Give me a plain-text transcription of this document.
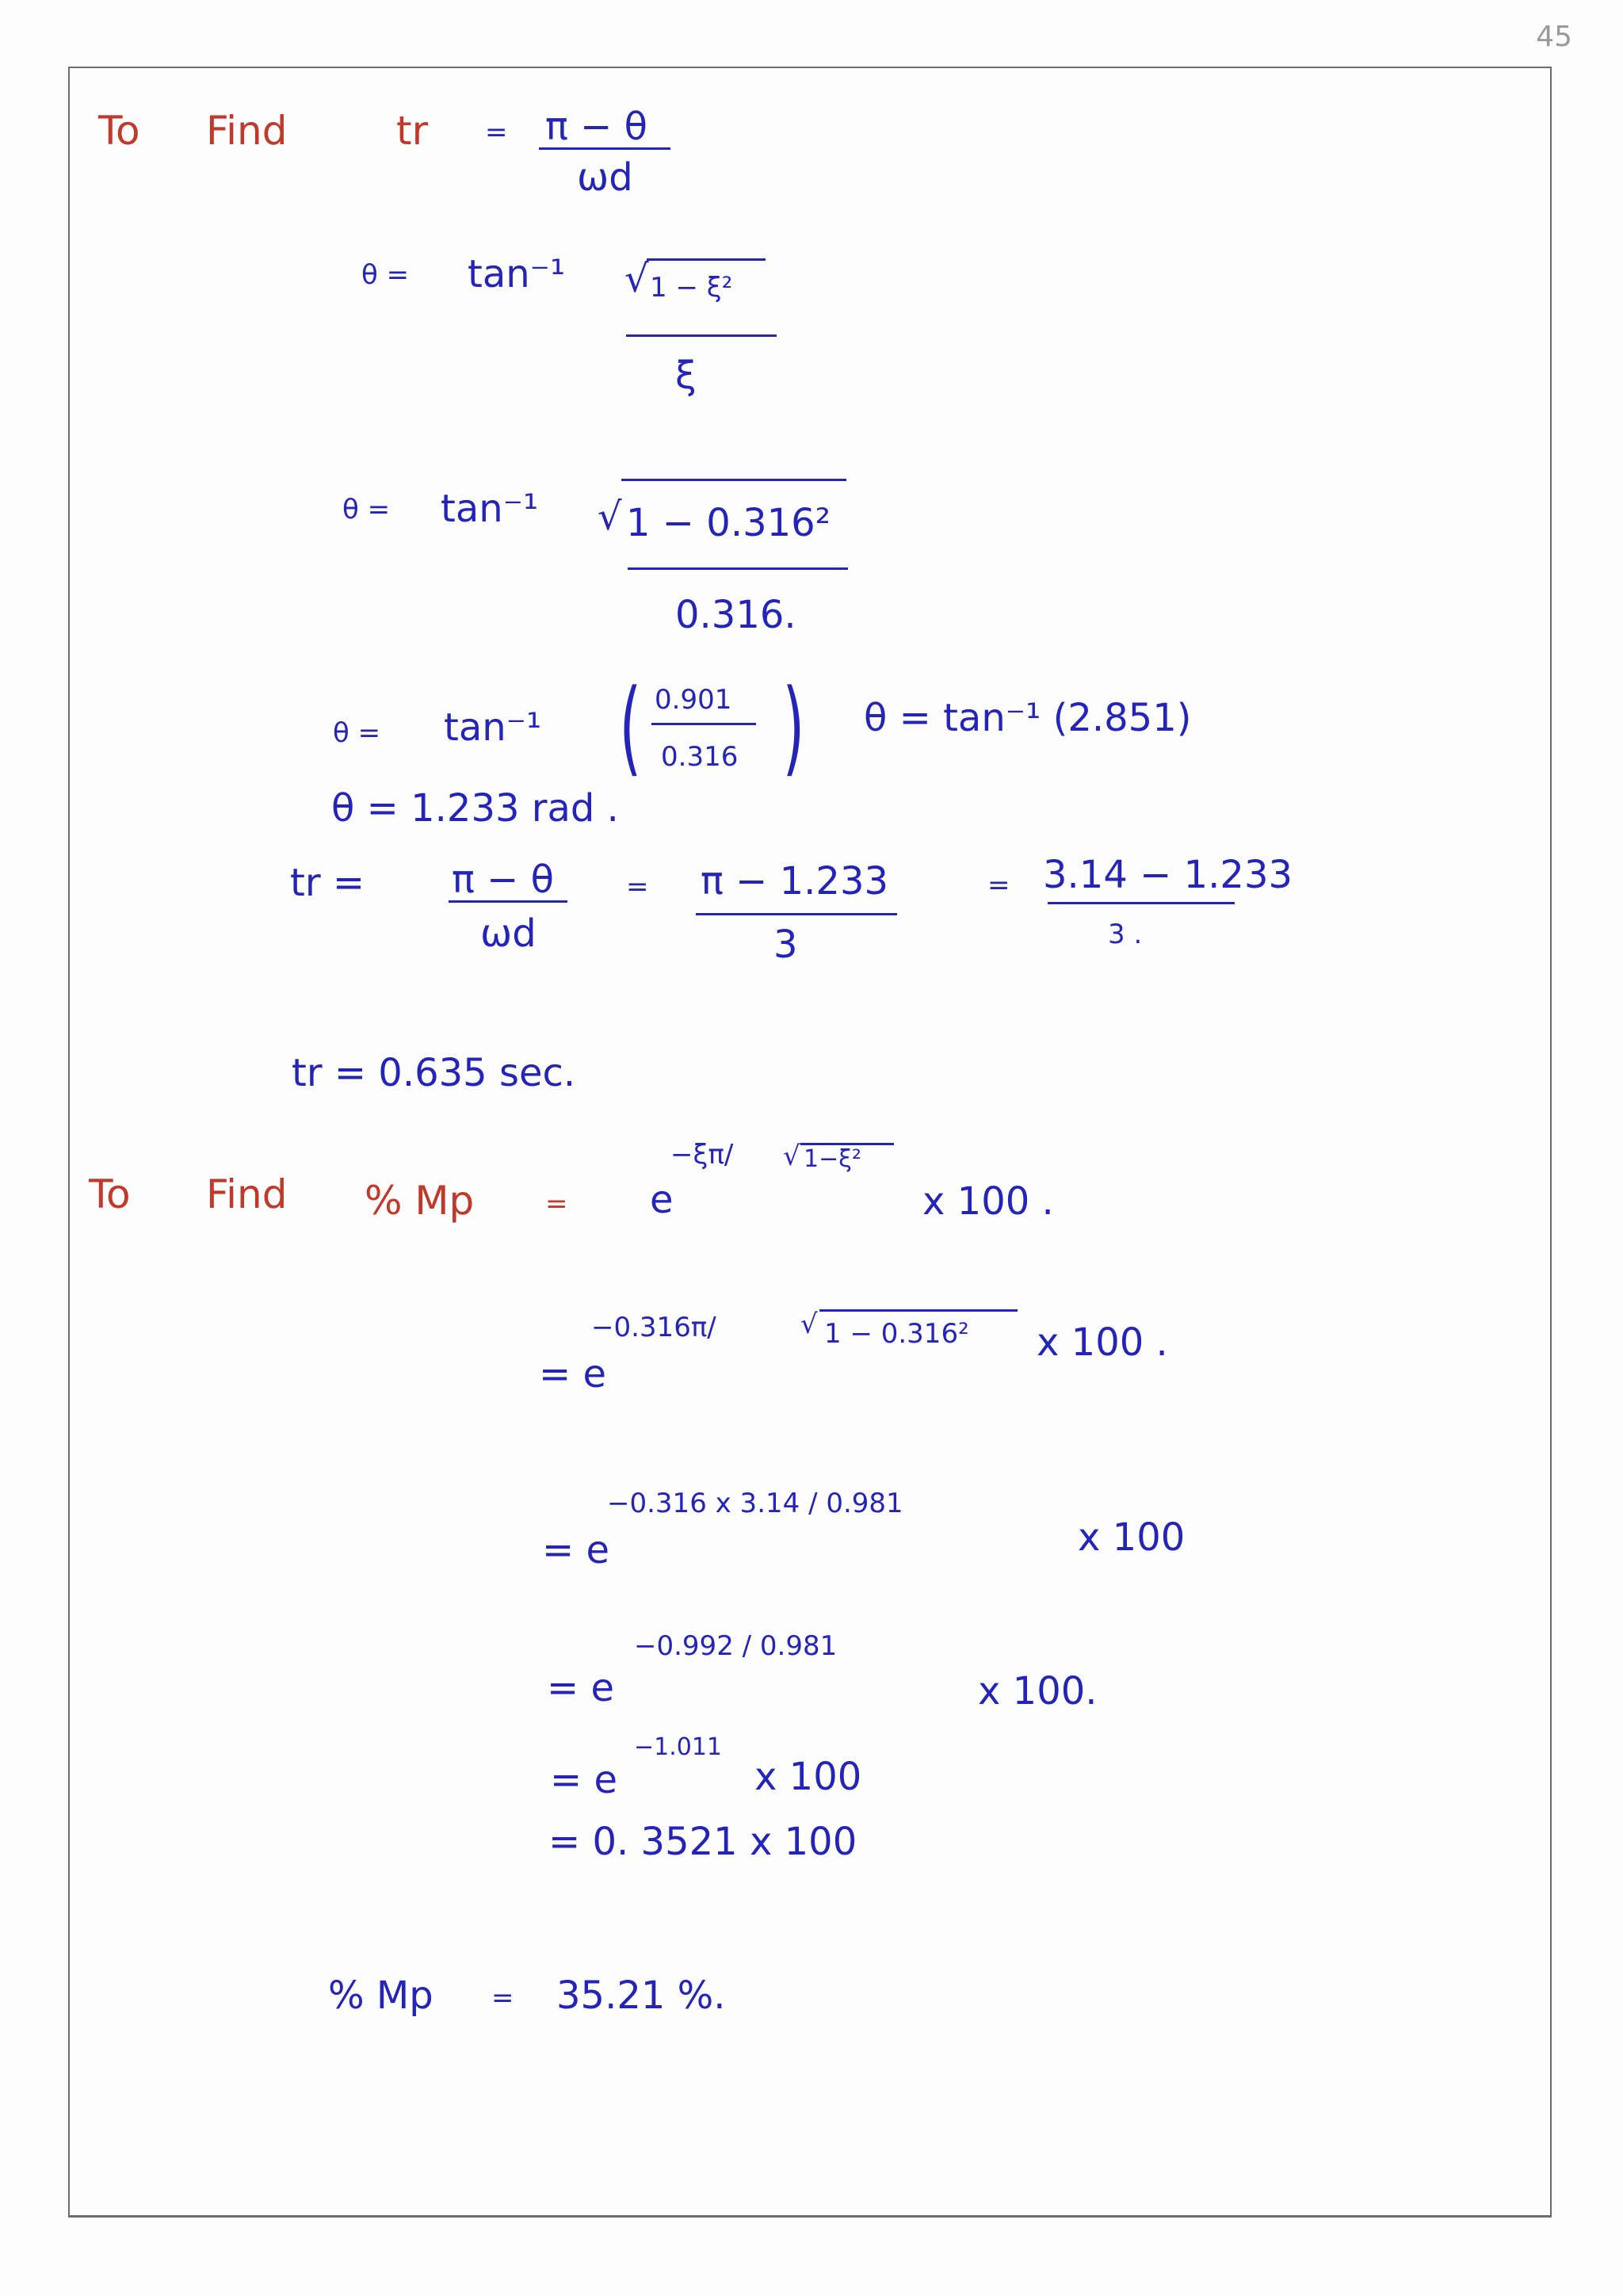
45
To Find	tr = π − θ
ωd
θ = tan⁻¹ √ 1 − ξ²
ξ
θ = tan⁻¹ √ 1 − 0.316²
0.316.
θ = tan⁻¹ ( 0.901
0.316 ) θ = tan⁻¹ (2.851)
θ = 1.233 rad .
tr = π − θ
ωd
= π − 1.233
3
= 3.14 − 1.233
3 .
tr = 0.635 sec.
To Find % Mp	= e
−ξπ/ √ 1−ξ²
x 100 .
= e
−0.316π/	√ 1 − 0.316² x 100 .
= e
−0.316 x 3.14 / 0.981
x 100
= e
−0.992 / 0.981
x 100.
= e
−1.011
x 100
= 0. 3521 x 100
% Mp = 35.21 %.
